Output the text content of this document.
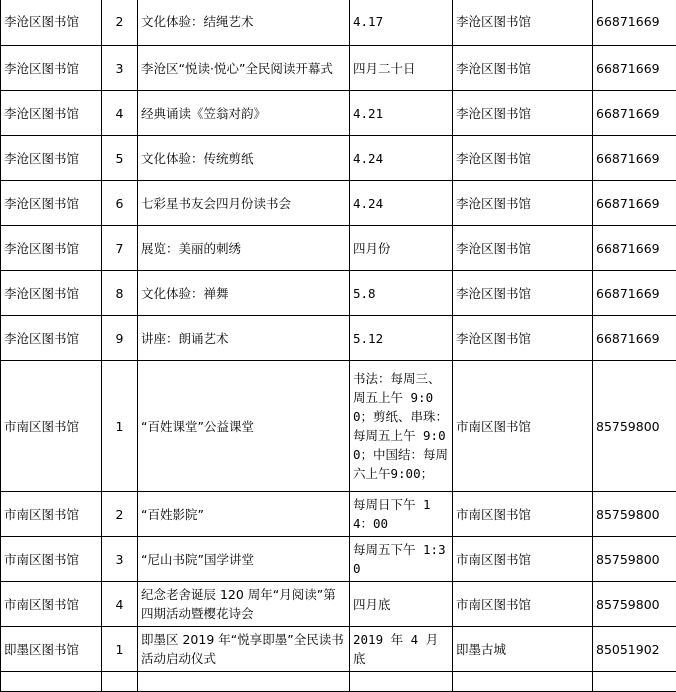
李沧区图书馆	2	文化体验：结绳艺术	4.17	李沧区图书馆	66871669
李沧区图书馆	3	李沧区“悦读·悦心”全民阅读开幕式	四月二十日	李沧区图书馆	66871669
李沧区图书馆	4	经典诵读《笠翁对韵》	4.21	李沧区图书馆	66871669
李沧区图书馆	5	文化体验：传统剪纸	4.24	李沧区图书馆	66871669
李沧区图书馆	6	七彩星书友会四月份读书会	4.24	李沧区图书馆	66871669
李沧区图书馆	7	展览：美丽的刺绣	四月份	李沧区图书馆	66871669
李沧区图书馆	8	文化体验：禅舞	5.8	李沧区图书馆	66871669
李沧区图书馆	9	讲座：朗诵艺术	5.12	李沧区图书馆	66871669
市南区图书馆	1	“百姓课堂”公益课堂	书法：每周三、周五上午 9:00；剪纸、串珠：每周五上午 9:00；中国结：每周六上午9:00；	市南区图书馆	85759800
市南区图书馆	2	“百姓影院”	每周日下午 14：00	市南区图书馆	85759800
市南区图书馆	3	“尼山书院”国学讲堂	每周五下午 1:30	市南区图书馆	85759800
市南区图书馆	4	纪念老舍诞辰 120 周年“月阅读”第四期活动暨樱花诗会	四月底	市南区图书馆	85759800
即墨区图书馆	1	即墨区 2019 年“悦享即墨”全民读书活动启动仪式	2019 年 4 月底	即墨古城	85051902
